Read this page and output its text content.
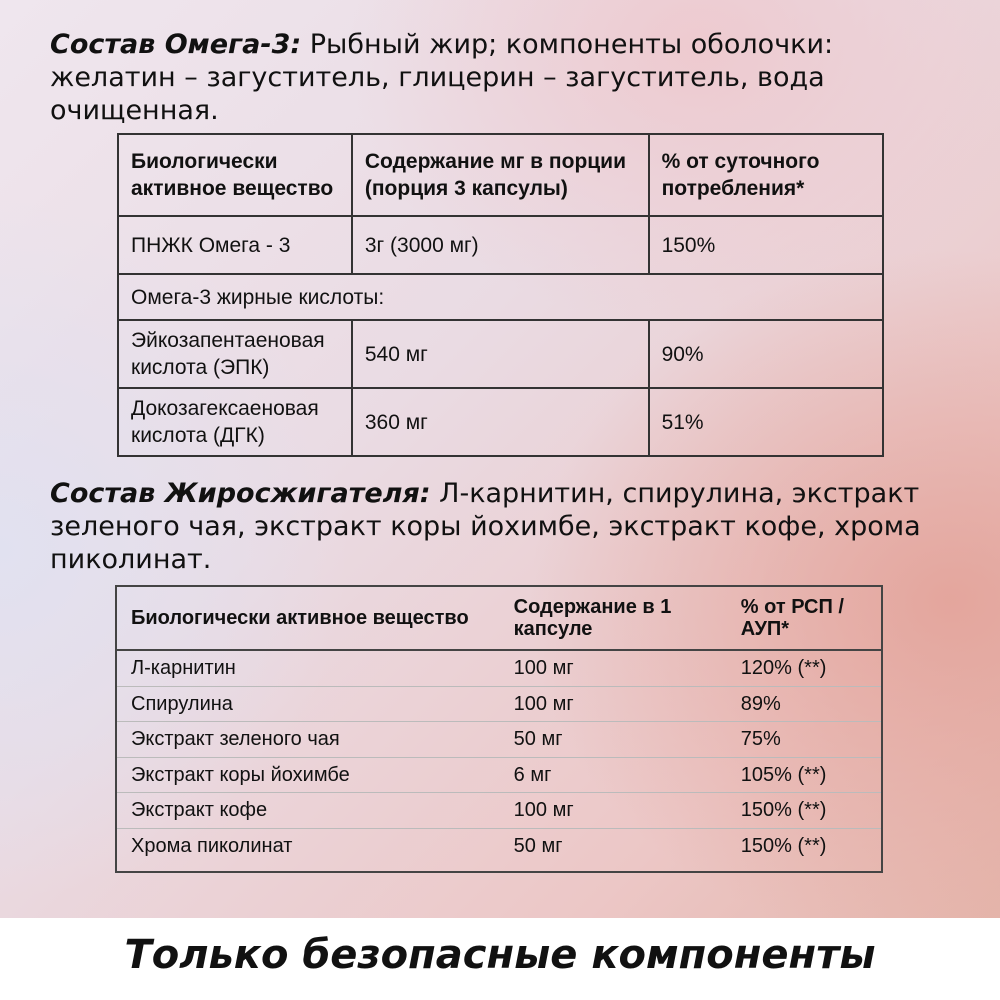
Состав Омега-3: Рыбный жир; компоненты оболочки: желатин – загуститель, глицерин – загуститель, вода очищенная.

Биологически активное вещество	Содержание мг в порции (порция 3 капсулы)	% от суточного потребления*
ПНЖК Омега - 3	3г (3000 мг)	150%
Омега-3 жирные кислоты:		
Эйкозапентаеновая кислота (ЭПК)	540 мг	90%
Докозагексаеновая кислота (ДГК)	360 мг	51%

Состав Жиросжигателя: Л-карнитин, спирулина, экстракт зеленого чая, экстракт коры йохимбе, экстракт кофе, хрома пиколинат.

Биологически активное вещество	Содержание в 1 капсуле	% от РСП /АУП*
Л-карнитин	100 мг	120% (**)
Спирулина	100 мг	89%
Экстракт зеленого чая	50 мг	75%
Экстракт коры йохимбе	6 мг	105% (**)
Экстракт кофе	100 мг	150% (**)
Хрома пиколинат	50 мг	150% (**)
Только безопасные компоненты
